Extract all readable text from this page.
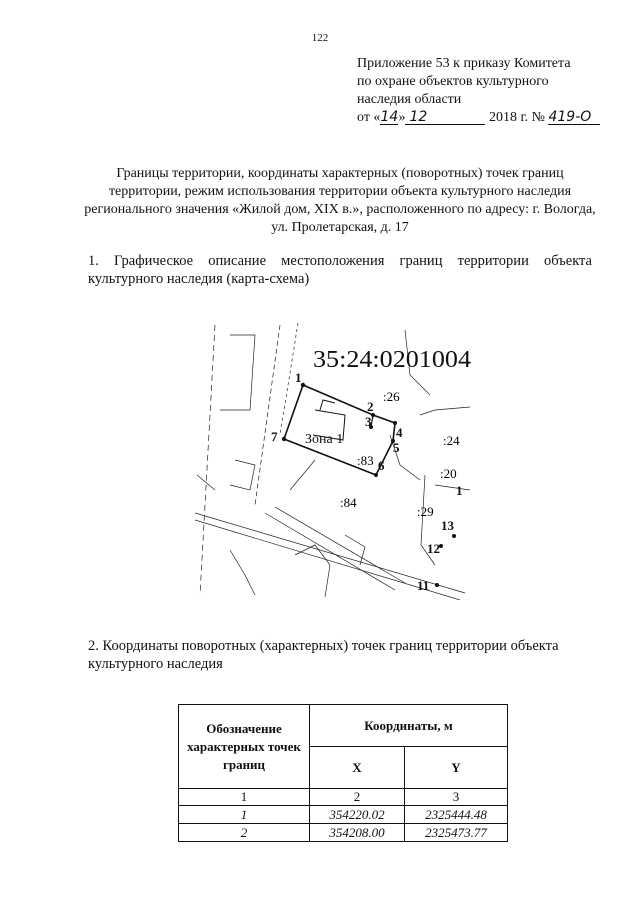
122
Приложение 53 к приказу Комитета
по охране объектов культурного
наследия области
от «14» 12	2018 г. № 419-О
Границы территории, координаты характерных (поворотных) точек границ территории, режим использования территории объекта культурного наследия регионального значения «Жилой дом, XIX в.», расположенного по адресу: г. Вологда, ул. Пролетарская, д. 17
1. Графическое описание местоположения границ территории объекта культурного наследия (карта-схема)
35:24:0201004
Зона 1
:26
:24
:20
:83
:84
:29
1
2
3
4
5
6
7
1
11
12
13
2. Координаты поворотных (характерных) точек границ территории объекта культурного наследия
Обозначение характерных точек границ	Координаты, м	
	X	Y
1	2	3
1	354220.02	2325444.48
2	354208.00	2325473.77
